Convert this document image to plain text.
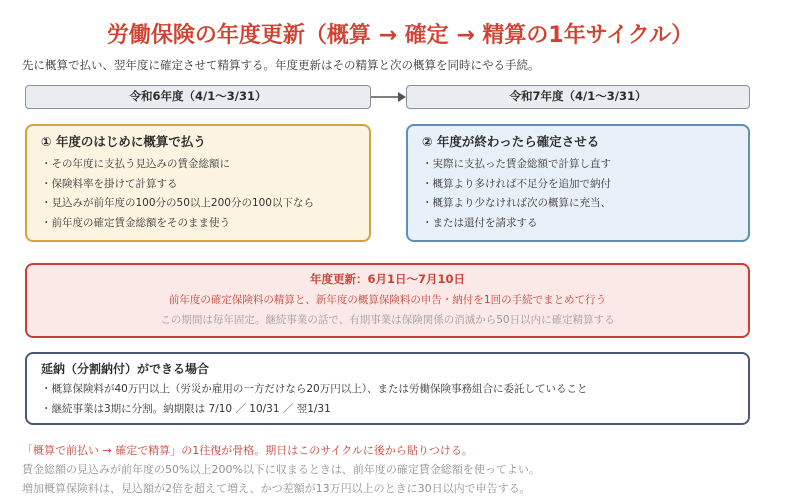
労働保険の年度更新（概算 → 確定 → 精算の1年サイクル）
先に概算で払い、翌年度に確定させて精算する。年度更新はその精算と次の概算を同時にやる手続。
令和6年度（4/1〜3/31）	令和7年度（4/1〜3/31）
① 年度のはじめに概算で払う
・その年度に支払う見込みの賃金総額に
・保険料率を掛けて計算する
・見込みが前年度の100分の50以上200分の100以下なら
・前年度の確定賃金総額をそのまま使う
② 年度が終わったら確定させる
・実際に支払った賃金総額で計算し直す
・概算より多ければ不足分を追加で納付
・概算より少なければ次の概算に充当、
・または還付を請求する
年度更新：6月1日〜7月10日
前年度の確定保険料の精算と、新年度の概算保険料の申告・納付を1回の手続でまとめて行う
この期間は毎年固定。継続事業の話で、有期事業は保険関係の消滅から50日以内に確定精算する
延納（分割納付）ができる場合
・概算保険料が40万円以上（労災か雇用の一方だけなら20万円以上）、または労働保険事務組合に委託していること
・継続事業は3期に分割。納期限は 7/10 ／ 10/31 ／ 翌1/31
「概算で前払い → 確定で精算」の1往復が骨格。期日はこのサイクルに後から貼りつける。
賃金総額の見込みが前年度の50%以上200%以下に収まるときは、前年度の確定賃金総額を使ってよい。
増加概算保険料は、見込額が2倍を超えて増え、かつ差額が13万円以上のときに30日以内で申告する。
